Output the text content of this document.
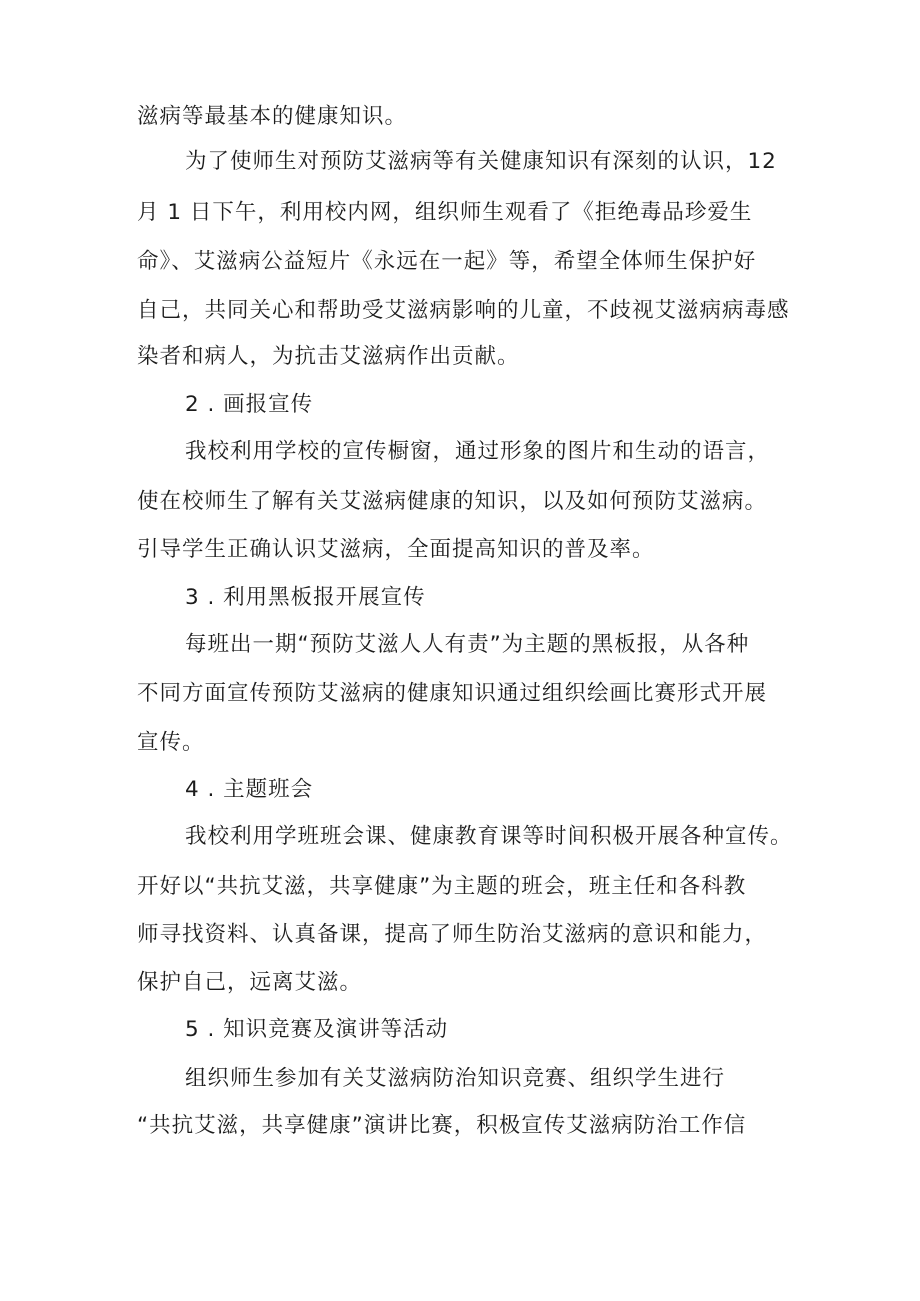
滋病等最基本的健康知识。
为了使师生对预防艾滋病等有关健康知识有深刻的认识，12
月 1 日下午，利用校内网，组织师生观看了《拒绝毒品珍爱生
命》、艾滋病公益短片《永远在一起》等，希望全体师生保护好
自己，共同关心和帮助受艾滋病影响的儿童，不歧视艾滋病病毒感
染者和病人，为抗击艾滋病作出贡献。
2 . 画报宣传
我校利用学校的宣传橱窗，通过形象的图片和生动的语言，
使在校师生了解有关艾滋病健康的知识，以及如何预防艾滋病。
引导学生正确认识艾滋病，全面提高知识的普及率。
3 . 利用黑板报开展宣传
每班出一期“预防艾滋人人有责”为主题的黑板报，从各种
不同方面宣传预防艾滋病的健康知识通过组织绘画比赛形式开展
宣传。
4 . 主题班会
我校利用学班班会课、健康教育课等时间积极开展各种宣传。
开好以“共抗艾滋，共享健康”为主题的班会，班主任和各科教
师寻找资料、认真备课，提高了师生防治艾滋病的意识和能力，
保护自己，远离艾滋。
5 . 知识竞赛及演讲等活动
组织师生参加有关艾滋病防治知识竞赛、组织学生进行
“共抗艾滋，共享健康”演讲比赛，积极宣传艾滋病防治工作信
